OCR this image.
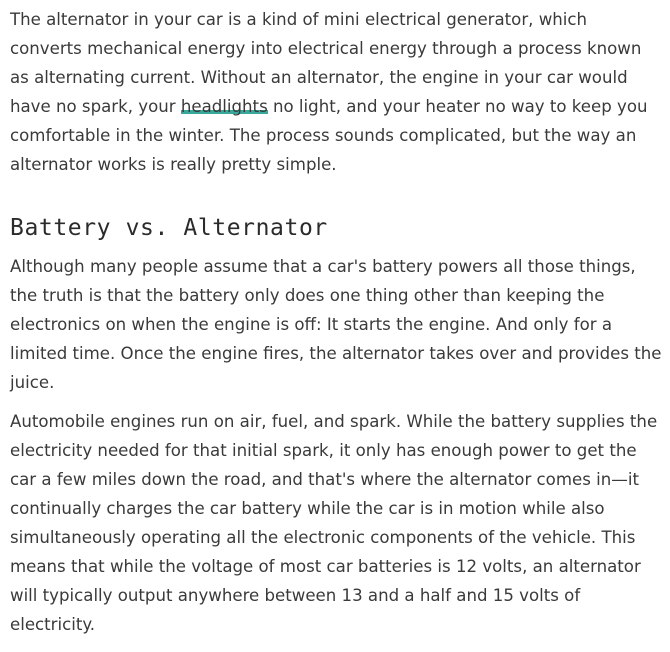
The alternator in your car is a kind of mini electrical generator, which converts mechanical energy into electrical energy through a process known as alternating current. Without an alternator, the engine in your car would have no spark, your headlights no light, and your heater no way to keep you comfortable in the winter. The process sounds complicated, but the way an alternator works is really pretty simple.

Battery vs. Alternator

Although many people assume that a car's battery powers all those things, the truth is that the battery only does one thing other than keeping the electronics on when the engine is off: It starts the engine. And only for a limited time. Once the engine fires, the alternator takes over and provides the juice.

Automobile engines run on air, fuel, and spark. While the battery supplies the electricity needed for that initial spark, it only has enough power to get the car a few miles down the road, and that's where the alternator comes in—it continually charges the car battery while the car is in motion while also simultaneously operating all the electronic components of the vehicle. This means that while the voltage of most car batteries is 12 volts, an alternator will typically output anywhere between 13 and a half and 15 volts of electricity.
